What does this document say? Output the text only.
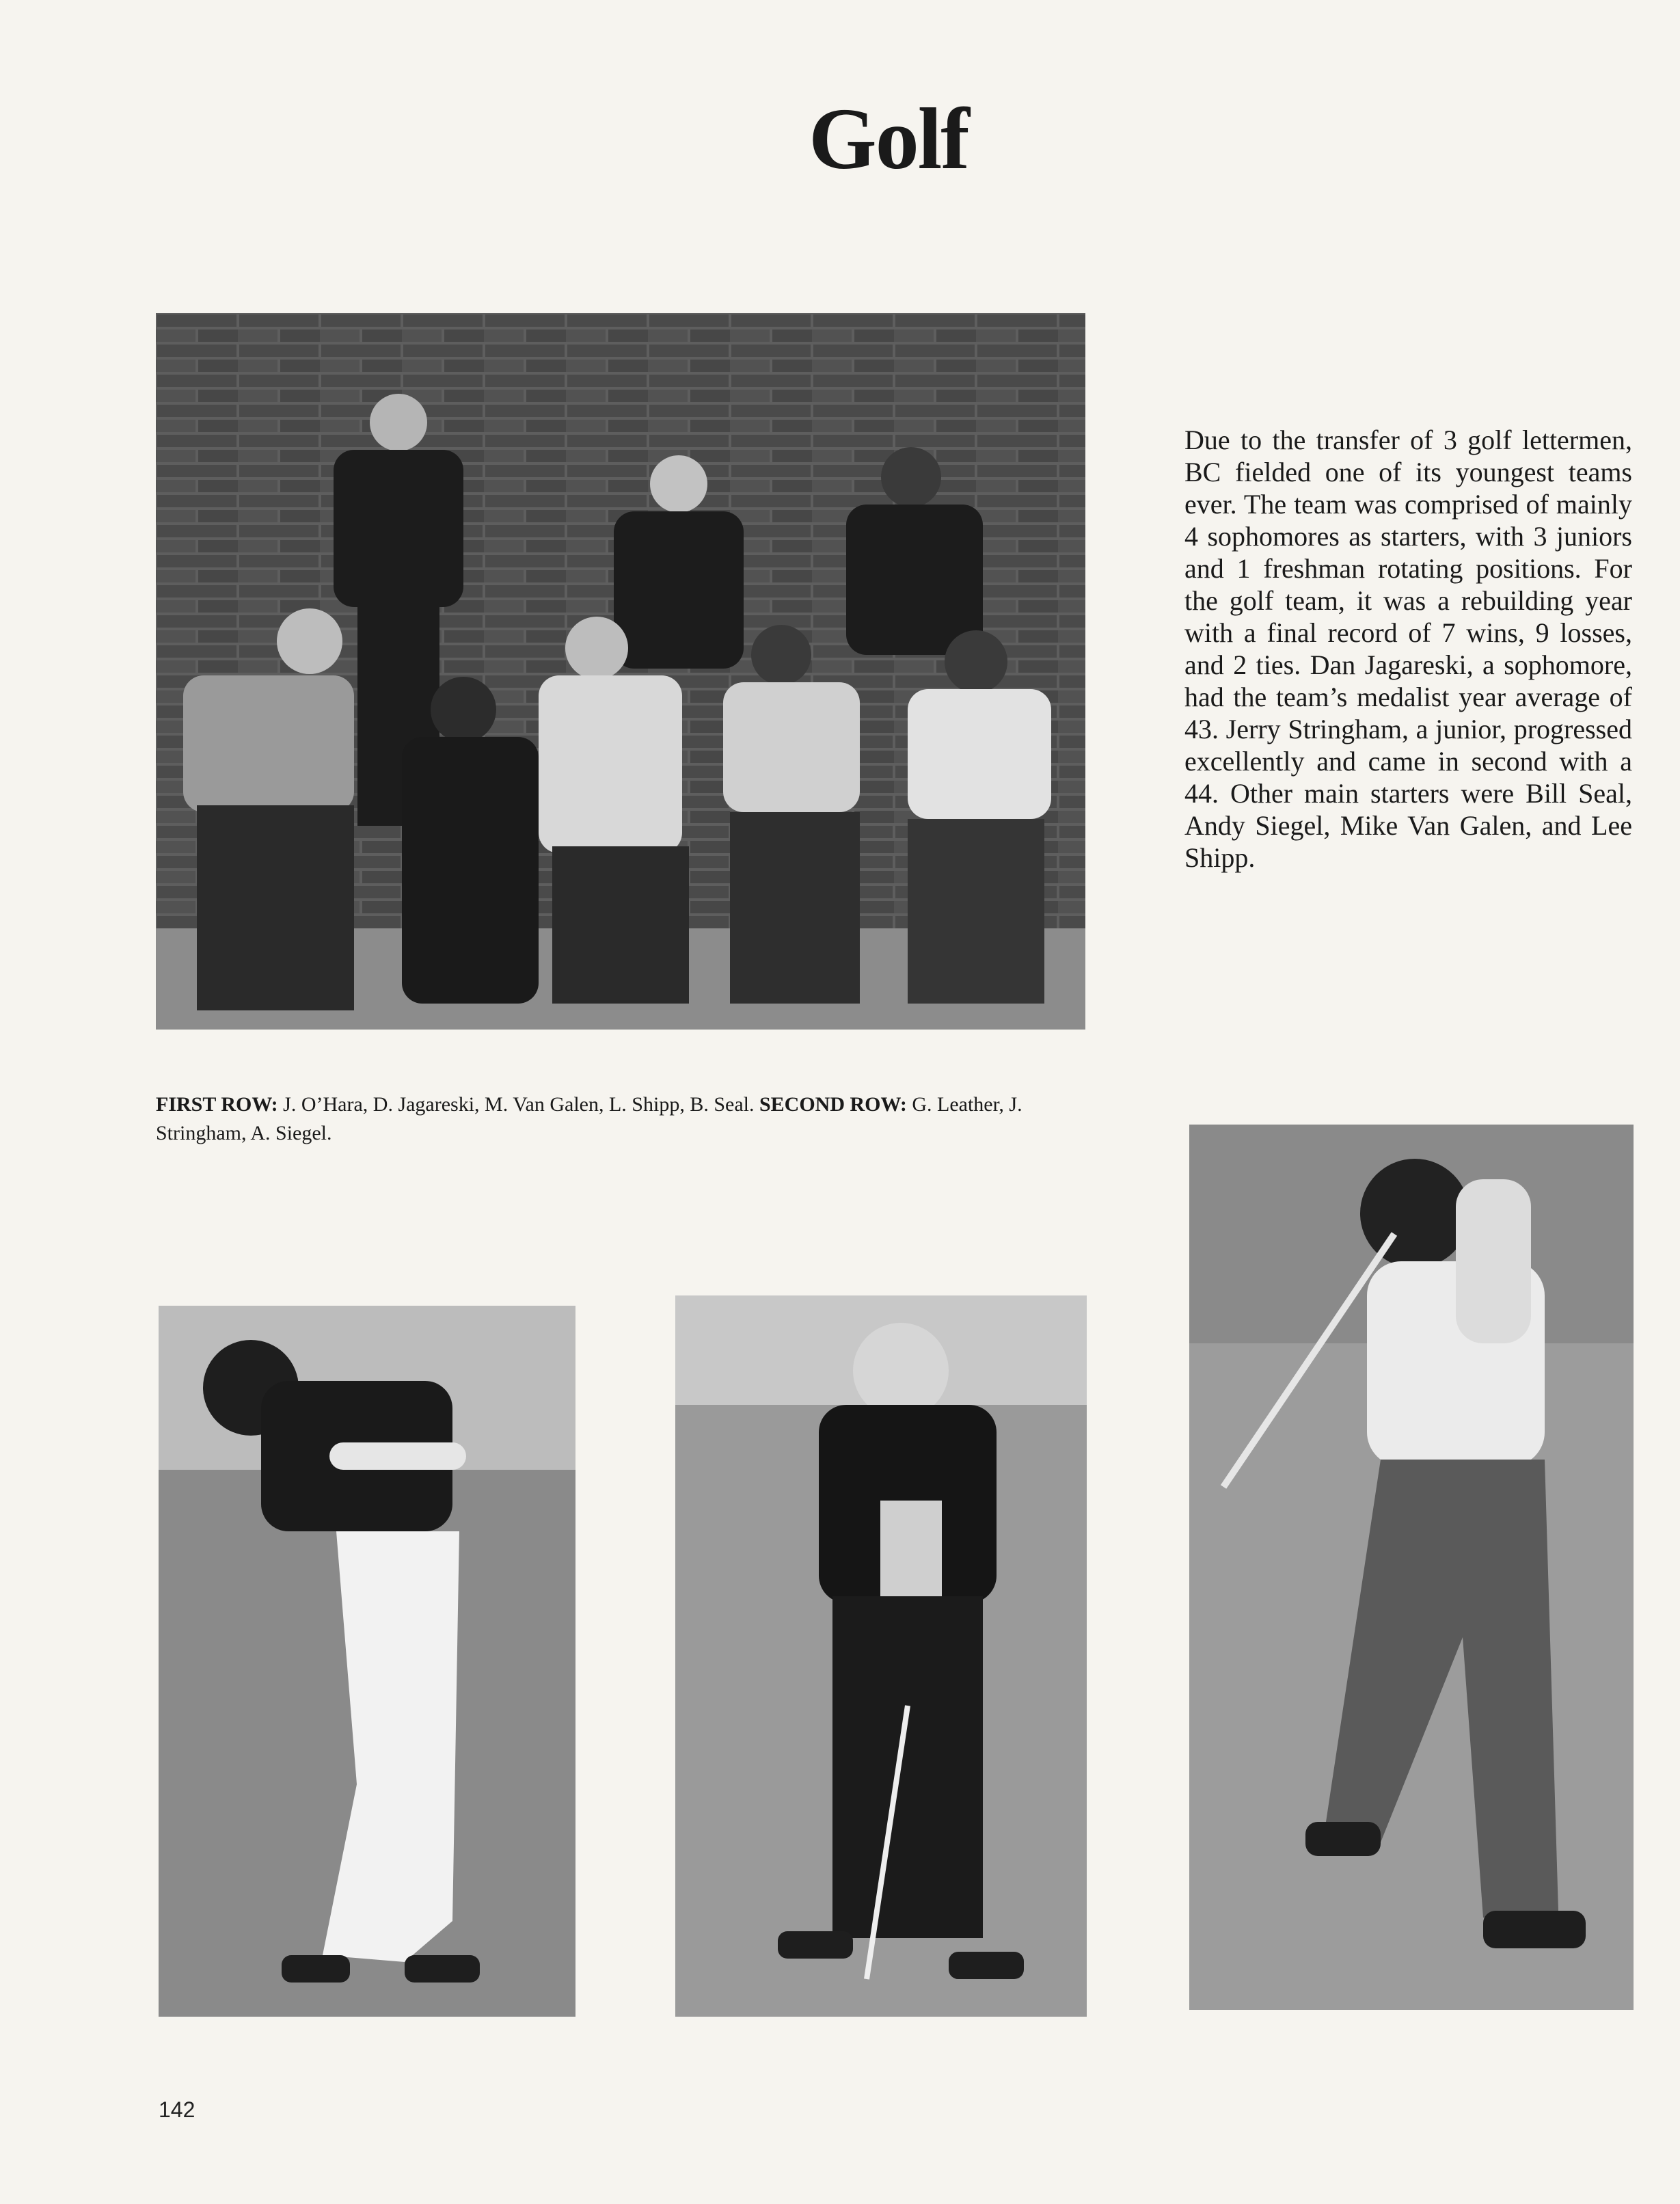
Golf
Due to the transfer of 3 golf lettermen, BC fielded one of its youngest teams ever. The team was comprised of mainly 4 sophomores as starters, with 3 juniors and 1 freshman rotating positions. For the golf team, it was a rebuilding year with a final record of 7 wins, 9 losses, and 2 ties. Dan Jagareski, a sophomore, had the team’s medalist year average of 43. Jerry Stringham, a junior, progressed excellently and came in second with a 44. Other main starters were Bill Seal, Andy Siegel, Mike Van Galen, and Lee Shipp.
FIRST ROW: J. O’Hara, D. Jagareski, M. Van Galen, L. Shipp, B. Seal. SECOND ROW: G. Leather, J. Stringham, A. Siegel.
142
